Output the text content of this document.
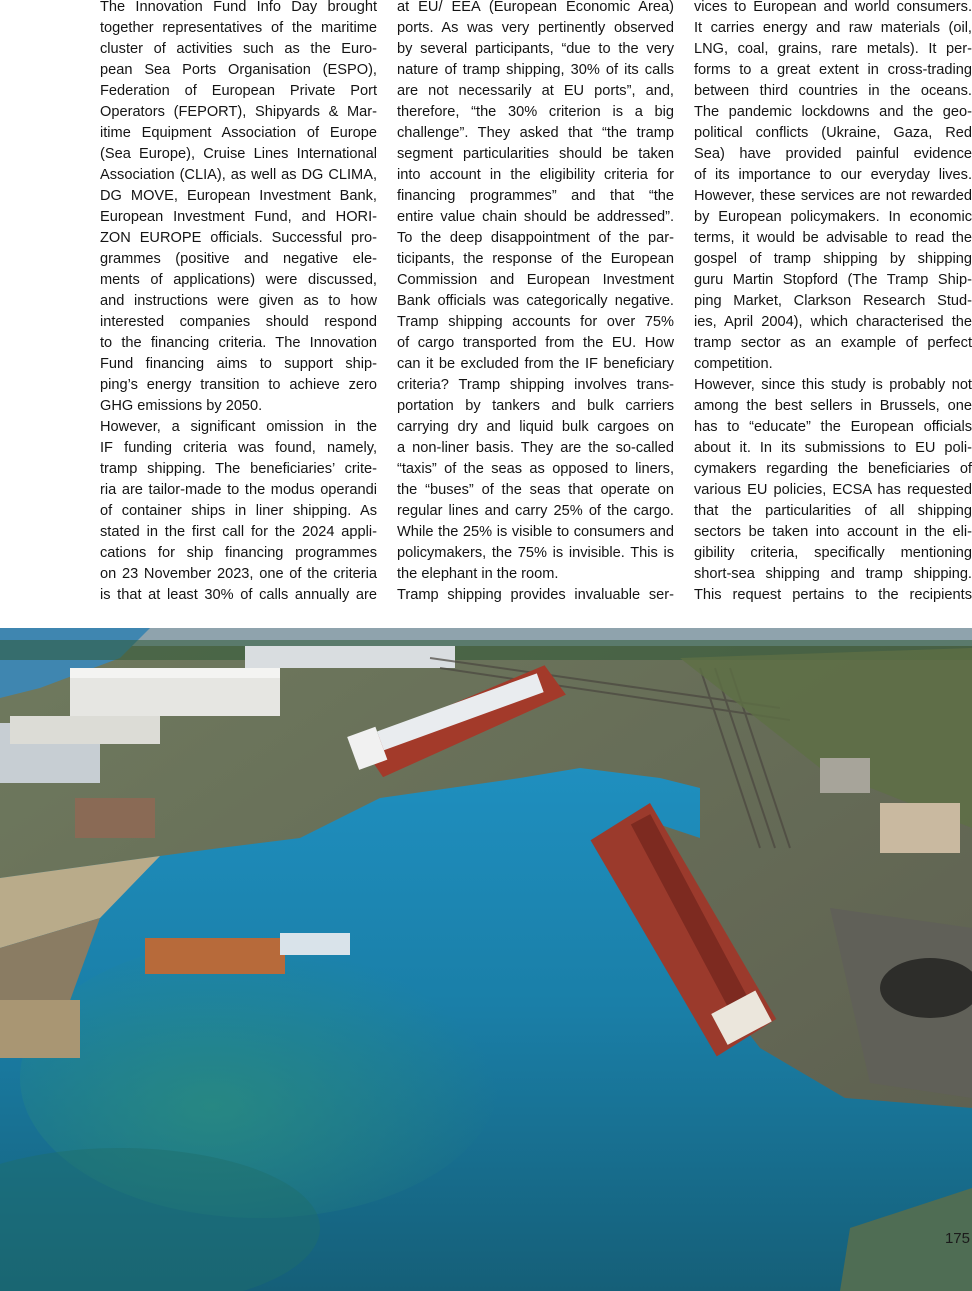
The Innovation Fund Info Day brought
together representatives of the maritime
cluster of activities such as the Euro-
pean Sea Ports Organisation (ESPO),
Federation of European Private Port
Operators (FEPORT), Shipyards & Mar-
itime Equipment Association of Europe
(Sea Europe), Cruise Lines International
Association (CLIA), as well as DG CLIMA,
DG MOVE, European Investment Bank,
European Investment Fund, and HORI-
ZON EUROPE officials. Successful pro-
grammes (positive and negative ele-
ments of applications) were discussed,
and instructions were given as to how
interested companies should respond
to the financing criteria. The Innovation
Fund financing aims to support ship-
ping’s energy transition to achieve zero
GHG emissions by 2050.
However, a significant omission in the
IF funding criteria was found, namely,
tramp shipping. The beneficiaries’ crite-
ria are tailor-made to the modus operandi
of container ships in liner shipping. As
stated in the first call for the 2024 appli-
cations for ship financing programmes
on 23 November 2023, one of the criteria
is that at least 30% of calls annually are
at EU/ EEA (European Economic Area)
ports. As was very pertinently observed
by several participants, “due to the very
nature of tramp shipping, 30% of its calls
are not necessarily at EU ports”, and,
therefore, “the 30% criterion is a big
challenge”. They asked that “the tramp
segment particularities should be taken
into account in the eligibility criteria for
financing programmes” and that “the
entire value chain should be addressed”.
To the deep disappointment of the par-
ticipants, the response of the European
Commission and European Investment
Bank officials was categorically negative.
Tramp shipping accounts for over 75%
of cargo transported from the EU. How
can it be excluded from the IF beneficiary
criteria? Tramp shipping involves trans-
portation by tankers and bulk carriers
carrying dry and liquid bulk cargoes on
a non-liner basis. They are the so-called
“taxis” of the seas as opposed to liners,
the “buses” of the seas that operate on
regular lines and carry 25% of the cargo.
While the 25% is visible to consumers and
policymakers, the 75% is invisible. This is
the elephant in the room.
Tramp shipping provides invaluable ser-
vices to European and world consumers.
It carries energy and raw materials (oil,
LNG, coal, grains, rare metals). It per-
forms to a great extent in cross-trading
between third countries in the oceans.
The pandemic lockdowns and the geo-
political conflicts (Ukraine, Gaza, Red
Sea) have provided painful evidence
of its importance to our everyday lives.
However, these services are not rewarded
by European policymakers. In economic
terms, it would be advisable to read the
gospel of tramp shipping by shipping
guru Martin Stopford (The Tramp Ship-
ping Market, Clarkson Research Stud-
ies, April 2004), which characterised the
tramp sector as an example of perfect
competition.
However, since this study is probably not
among the best sellers in Brussels, one
has to “educate” the European officials
about it. In its submissions to EU poli-
cymakers regarding the beneficiaries of
various EU policies, ECSA has requested
that the particularities of all shipping
sectors be taken into account in the eli-
gibility criteria, specifically mentioning
short-sea shipping and tramp shipping.
This request pertains to the recipients
175
